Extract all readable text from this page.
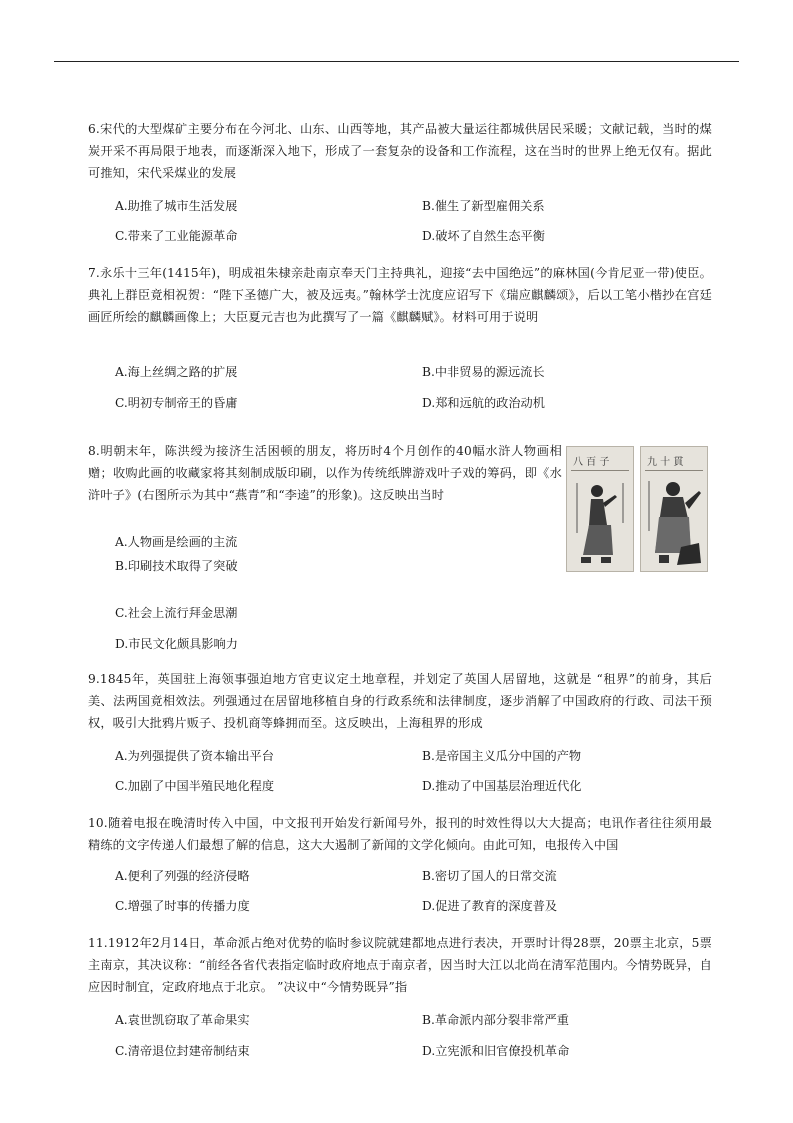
6.宋代的大型煤矿主要分布在今河北、山东、山西等地，其产品被大量运往都城供居民采暖；文献记载，当时的煤炭开采不再局限于地表，而逐渐深入地下，形成了一套复杂的设备和工作流程，这在当时的世界上绝无仅有。据此可推知，宋代采煤业的发展
A.助推了城市生活发展	B.催生了新型雇佣关系
C.带来了工业能源革命	D.破坏了自然生态平衡
7.永乐十三年(1415年)，明成祖朱棣亲赴南京奉天门主持典礼，迎接“去中国绝远”的麻林国(今肯尼亚一带)使臣。典礼上群臣竟相祝贺：“陛下圣德广大，被及远夷。”翰林学士沈度应诏写下《瑞应麒麟颂》，后以工笔小楷抄在宫廷画匠所绘的麒麟画像上；大臣夏元吉也为此撰写了一篇《麒麟赋》。材料可用于说明
A.海上丝绸之路的扩展	B.中非贸易的源远流长
C.明初专制帝王的昏庸	D.郑和远航的政治动机
8.明朝末年，陈洪绶为接济生活困顿的朋友，将历时4个月创作的40幅水浒人物画相赠；收购此画的收藏家将其刻制成版印刷，以作为传统纸牌游戏叶子戏的筹码，即《水浒叶子》(右图所示为其中“燕青”和“李逵”的形象)。这反映出当时
A.人物画是绘画的主流
B.印刷技术取得了突破
C.社会上流行拜金思潮
D.市民文化颇具影响力
八 百 子	九 十 貫
9.1845年，英国驻上海领事强迫地方官吏议定土地章程，并划定了英国人居留地，这就是 “租界”的前身，其后美、法两国竟相效法。列强通过在居留地移植自身的行政系统和法律制度，逐步消解了中国政府的行政、司法干预权，吸引大批鸦片贩子、投机商等蜂拥而至。这反映出，上海租界的形成
A.为列强提供了资本输出平台	B.是帝国主义瓜分中国的产物
C.加剧了中国半殖民地化程度	D.推动了中国基层治理近代化
10.随着电报在晚清时传入中国，中文报刊开始发行新闻号外，报刊的时效性得以大大提高；电讯作者往往须用最精练的文字传递人们最想了解的信息，这大大遏制了新闻的文学化倾向。由此可知，电报传入中国
A.便利了列强的经济侵略	B.密切了国人的日常交流
C.增强了时事的传播力度	D.促进了教育的深度普及
11.1912年2月14日，革命派占绝对优势的临时参议院就建都地点进行表决，开票时计得28票，20票主北京，5票主南京，其决议称：“前经各省代表指定临时政府地点于南京者，因当时大江以北尚在清军范围内。今情势既异，自应因时制宜，定政府地点于北京。 ”决议中“今情势既异”指
A.袁世凯窃取了革命果实	B.革命派内部分裂非常严重
C.清帝退位封建帝制结束	D.立宪派和旧官僚投机革命
